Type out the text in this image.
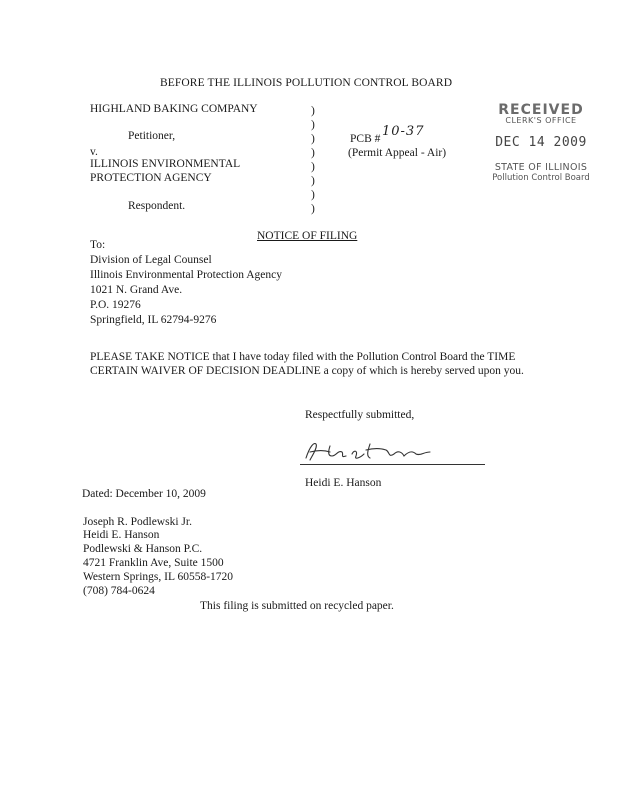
BEFORE THE ILLINOIS POLLUTION CONTROL BOARD
HIGHLAND BAKING COMPANY
Petitioner,
v.
ILLINOIS ENVIRONMENTAL
PROTECTION AGENCY
Respondent.
)
)
)
)
)
)
)
)
PCB #
(Permit Appeal - Air)
10-37
RECEIVED
CLERK'S OFFICE
DEC 14 2009
STATE OF ILLINOIS
Pollution Control Board
NOTICE OF FILING
To:
Division of Legal Counsel
Illinois Environmental Protection Agency
1021 N. Grand Ave.
P.O. 19276
Springfield, IL 62794-9276
PLEASE TAKE NOTICE that I have today filed with the Pollution Control Board the TIME CERTAIN WAIVER OF DECISION DEADLINE a copy of which is hereby served upon you.
Respectfully submitted,
Heidi E. Hanson
Dated: December 10, 2009
Joseph R. Podlewski Jr.
Heidi E. Hanson
Podlewski & Hanson P.C.
4721 Franklin Ave, Suite 1500
Western Springs, IL 60558-1720
(708) 784-0624
This filing is submitted on recycled paper.
